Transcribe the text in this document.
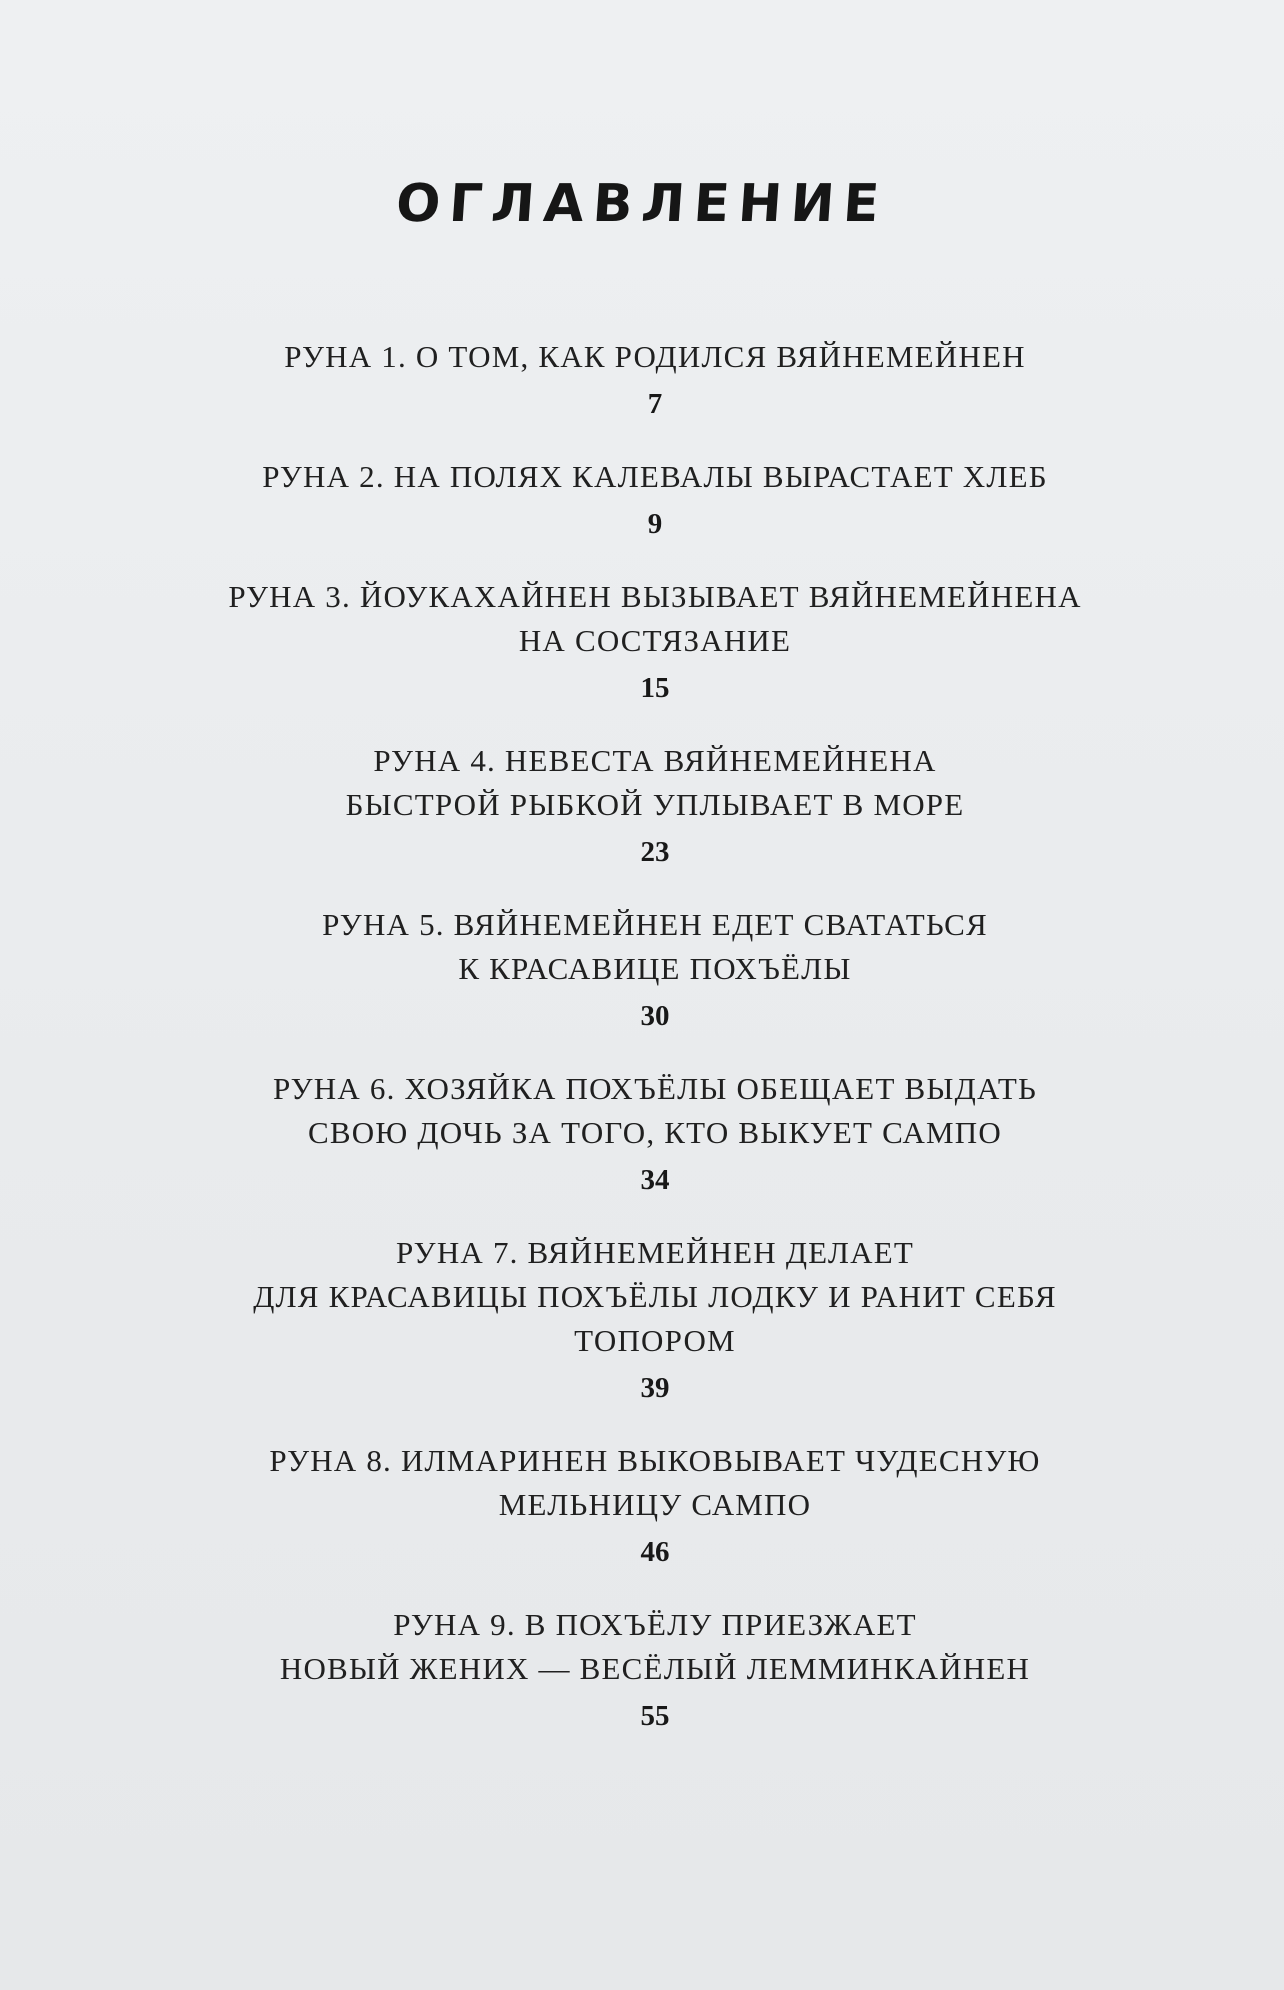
ОГЛАВЛЕНИЕ
РУНА 1. О ТОМ, КАК РОДИЛСЯ ВЯЙНЕМЕЙНЕН
7
РУНА 2. НА ПОЛЯХ КАЛЕВАЛЫ ВЫРАСТАЕТ ХЛЕБ
9
РУНА 3. ЙОУКАХАЙНЕН ВЫЗЫВАЕТ ВЯЙНЕМЕЙНЕНА
НА СОСТЯЗАНИЕ
15
РУНА 4. НЕВЕСТА ВЯЙНЕМЕЙНЕНА
БЫСТРОЙ РЫБКОЙ УПЛЫВАЕТ В МОРЕ
23
РУНА 5. ВЯЙНЕМЕЙНЕН ЕДЕТ СВАТАТЬСЯ
К КРАСАВИЦЕ ПОХЪЁЛЫ
30
РУНА 6. ХОЗЯЙКА ПОХЪЁЛЫ ОБЕЩАЕТ ВЫДАТЬ
СВОЮ ДОЧЬ ЗА ТОГО, КТО ВЫКУЕТ САМПО
34
РУНА 7. ВЯЙНЕМЕЙНЕН ДЕЛАЕТ
ДЛЯ КРАСАВИЦЫ ПОХЪЁЛЫ ЛОДКУ И РАНИТ СЕБЯ
ТОПОРОМ
39
РУНА 8. ИЛМАРИНЕН ВЫКОВЫВАЕТ ЧУДЕСНУЮ
МЕЛЬНИЦУ САМПО
46
РУНА 9. В ПОХЪЁЛУ ПРИЕЗЖАЕТ
НОВЫЙ ЖЕНИХ — ВЕСЁЛЫЙ ЛЕММИНКАЙНЕН
55
